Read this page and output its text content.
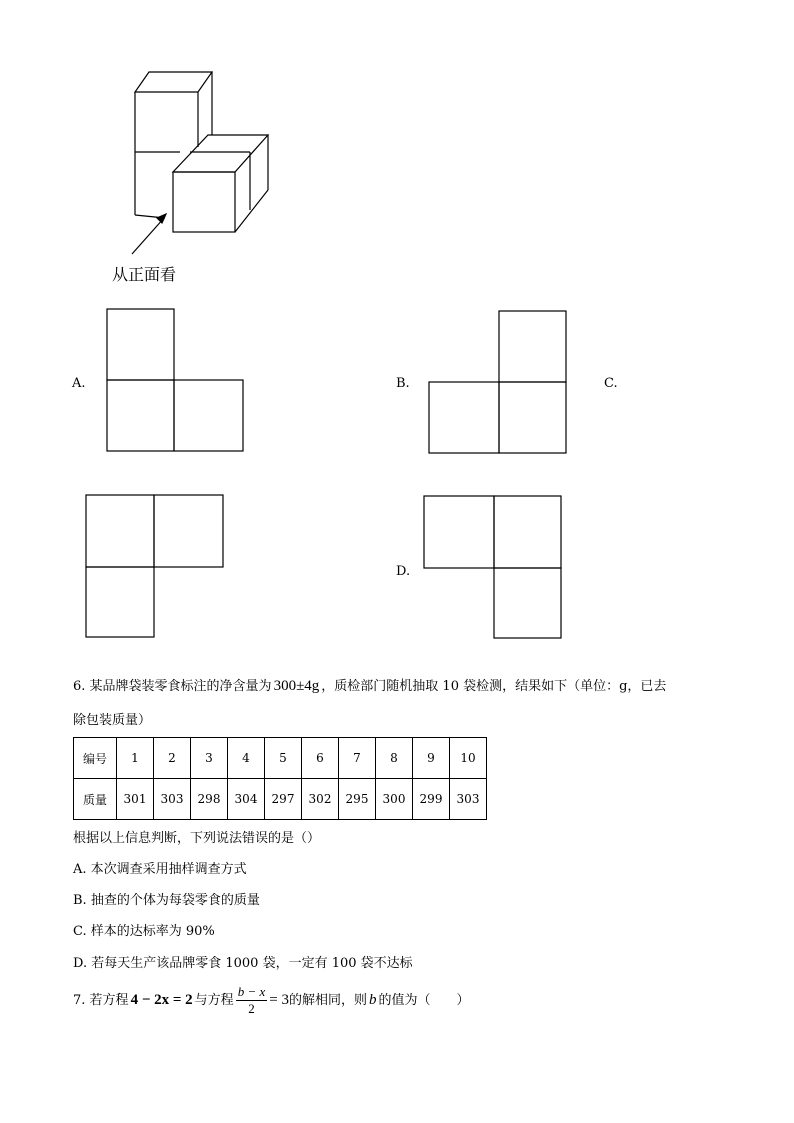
从正面看
A.	B.	C.
D.
6. 某品牌袋装零食标注的净含量为 300±4g ，质检部门随机抽取 10 袋检测，结果如下（单位：g，已去
除包装质量）
编号	1	2	3	4	5	6	7	8	9	10
质量	301	303	298	304	297	302	295	300	299	303
根据以上信息判断，下列说法错误的是（）
A. 本次调查采用抽样调查方式
B. 抽查的个体为每袋零食的质量
C. 样本的达标率为 90%
D. 若每天生产该品牌零食 1000 袋，一定有 100 袋不达标
7.
若方程 4 − 2x = 2 与方程 $\frac{b - x}{2} = 3$ 的解相同，则 b 的值为（　　）
